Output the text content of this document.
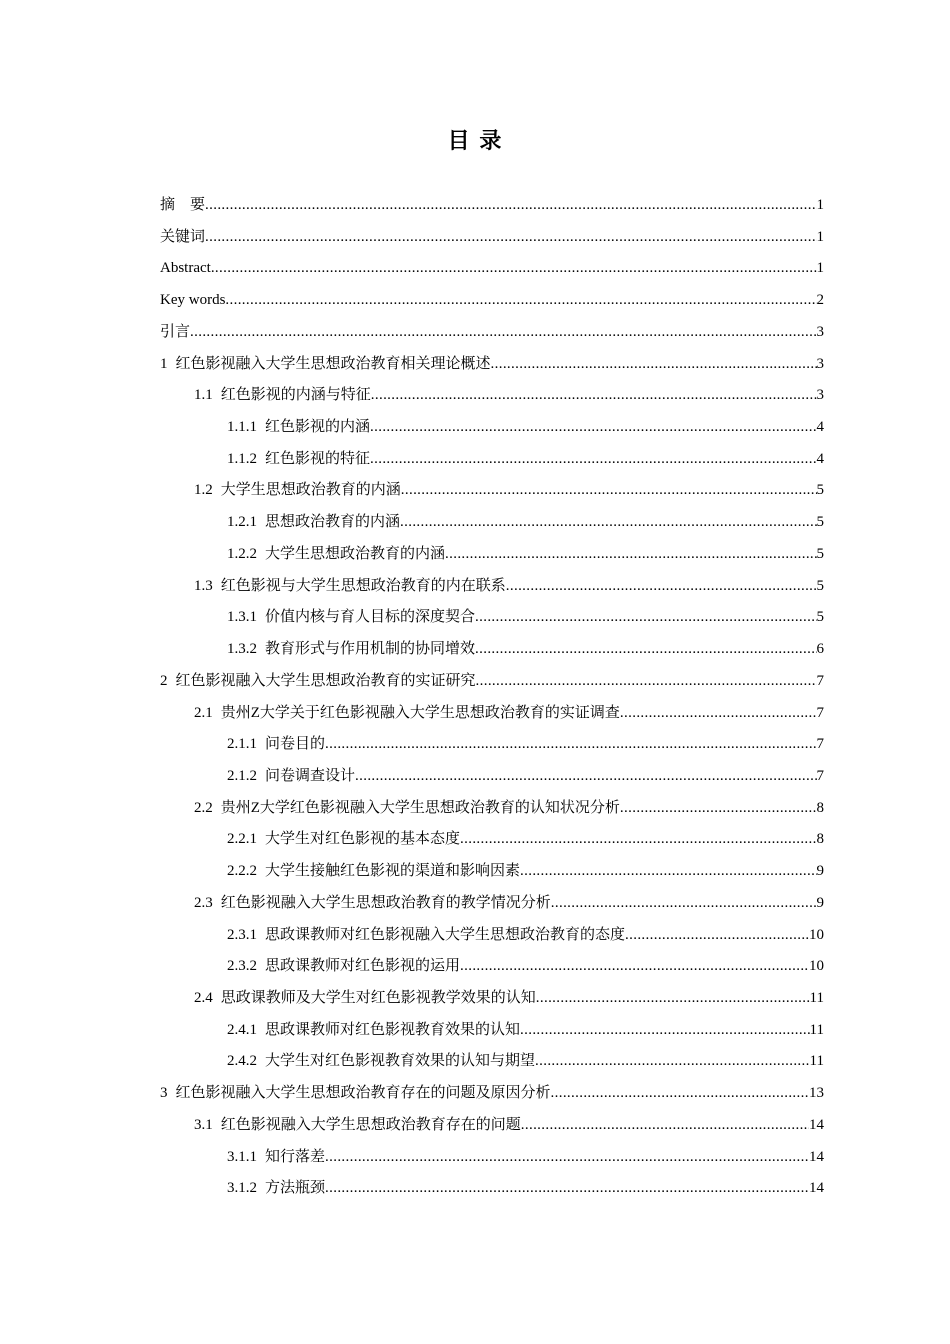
目 录
摘　要 .....	1
关键词 .....	1
Abstract .....	1
Key words .....	2
引言 .....	3
1 红色影视融入大学生思想政治教育相关理论概述 .....	3
1.1 红色影视的内涵与特征 .....	3
1.1.1 红色影视的内涵 .....	4
1.1.2 红色影视的特征 .....	4
1.2 大学生思想政治教育的内涵 .....	5
1.2.1 思想政治教育的内涵 .....	5
1.2.2 大学生思想政治教育的内涵 .....	5
1.3 红色影视与大学生思想政治教育的内在联系 .....	5
1.3.1 价值内核与育人目标的深度契合 .....	5
1.3.2 教育形式与作用机制的协同增效 .....	6
2 红色影视融入大学生思想政治教育的实证研究 .....	7
2.1 贵州Z大学关于红色影视融入大学生思想政治教育的实证调查 .....	7
2.1.1 问卷目的 .....	7
2.1.2 问卷调查设计 .....	7
2.2 贵州Z大学红色影视融入大学生思想政治教育的认知状况分析 .....	8
2.2.1 大学生对红色影视的基本态度 .....	8
2.2.2 大学生接触红色影视的渠道和影响因素 .....	9
2.3 红色影视融入大学生思想政治教育的教学情况分析 .....	9
2.3.1 思政课教师对红色影视融入大学生思想政治教育的态度 .....	10
2.3.2 思政课教师对红色影视的运用 .....	10
2.4 思政课教师及大学生对红色影视教学效果的认知 .....	11
2.4.1 思政课教师对红色影视教育效果的认知 .....	11
2.4.2 大学生对红色影视教育效果的认知与期望 .....	11
3 红色影视融入大学生思想政治教育存在的问题及原因分析 .....	13
3.1 红色影视融入大学生思想政治教育存在的问题 .....	14
3.1.1 知行落差 .....	14
3.1.2 方法瓶颈 .....	14
